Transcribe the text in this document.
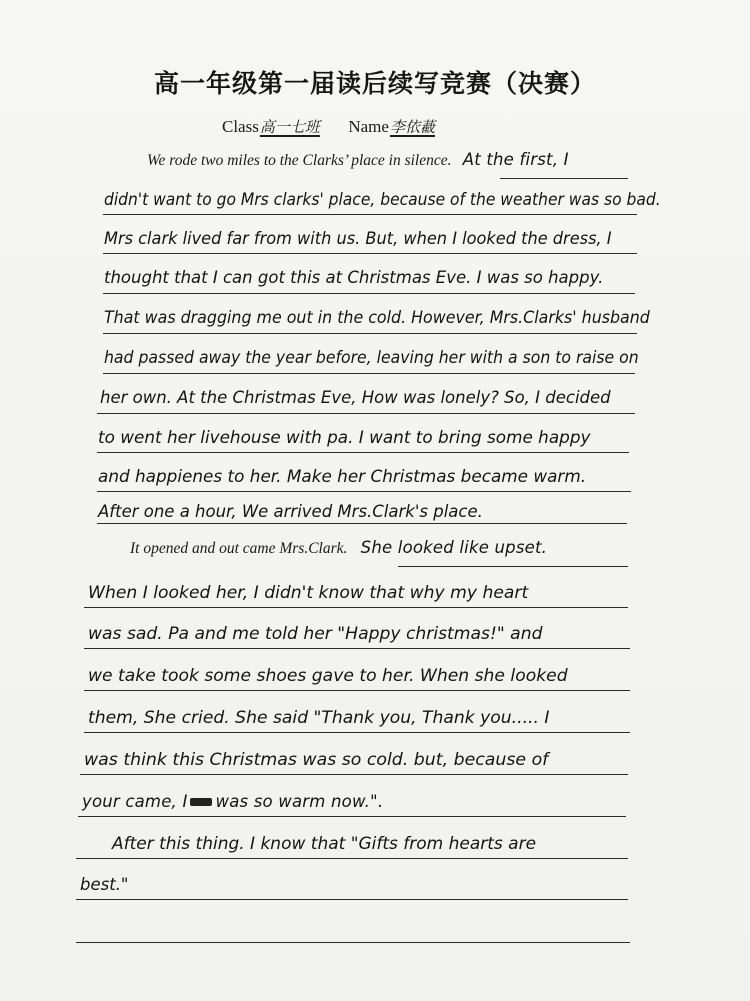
高一年级第一届读后续写竞赛（决赛）
Class高一七班 Name李依䕙
We rode two miles to the Clarks’ place in silence. At the first, I
didn't want to go Mrs clarks' place, because of the weather was so bad.
Mrs clark lived far from with us. But, when I looked the dress, I
thought that I can got this at Christmas Eve. I was so happy.
That was dragging me out in the cold. However, Mrs.Clarks' husband
had passed away the year before, leaving her with a son to raise on
her own. At the Christmas Eve, How was lonely? So, I decided
to went her livehouse with pa. I want to bring some happy
and happienes to her. Make her Christmas became warm.
After one a hour, We arrived Mrs.Clark's place.
It opened and out came Mrs.Clark. She looked like upset.
When I looked her, I didn't know that why my heart
was sad. Pa and me told her "Happy christmas!" and
we take took some shoes gave to her. When she looked
them, She cried. She said "Thank you, Thank you..... I
was think this Christmas was so cold. but, because of
your came, I was so warm now.".
After this thing. I know that "Gifts from hearts are
best."
